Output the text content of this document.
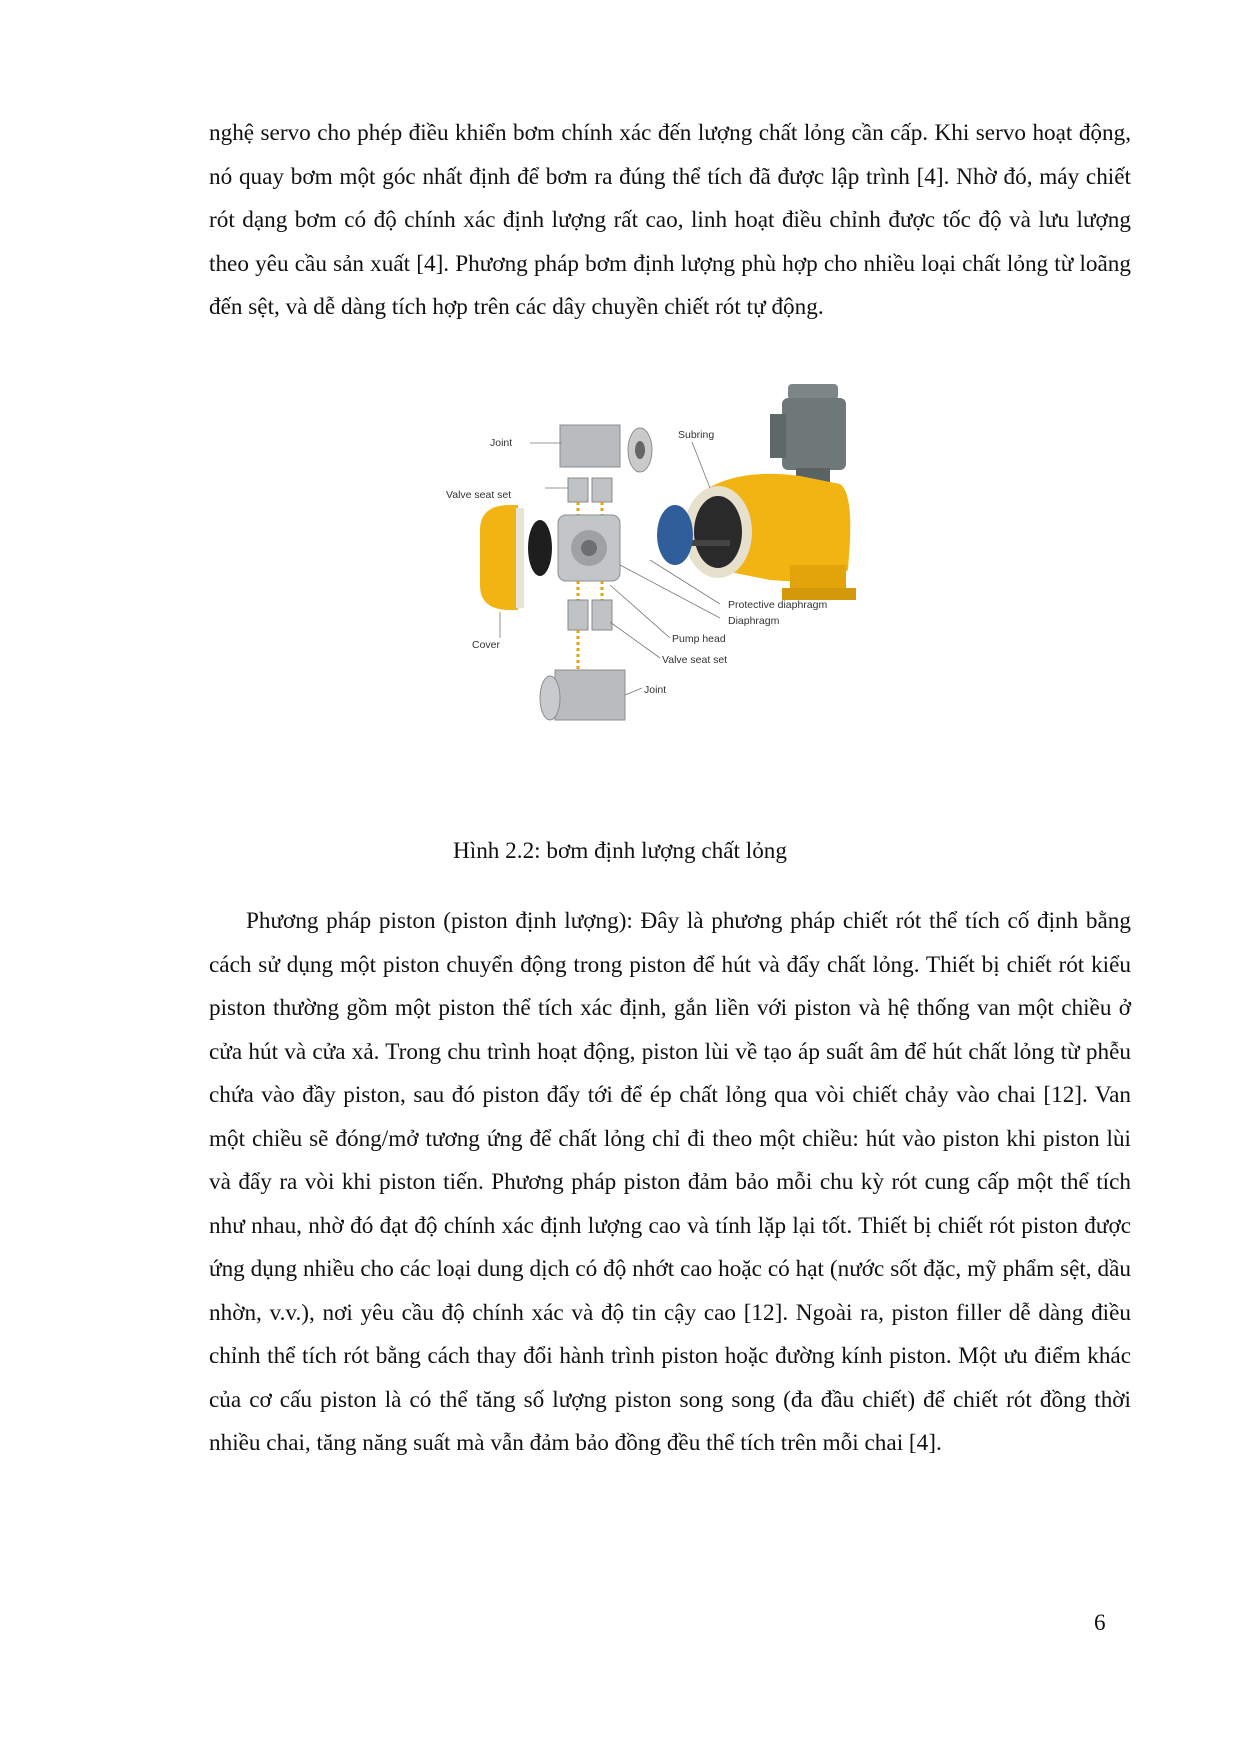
nghệ servo cho phép điều khiển bơm chính xác đến lượng chất lỏng cần cấp. Khi servo hoạt động, nó quay bơm một góc nhất định để bơm ra đúng thể tích đã được lập trình [4]. Nhờ đó, máy chiết rót dạng bơm có độ chính xác định lượng rất cao, linh hoạt điều chỉnh được tốc độ và lưu lượng theo yêu cầu sản xuất [4]. Phương pháp bơm định lượng phù hợp cho nhiều loại chất lỏng từ loãng đến sệt, và dễ dàng tích hợp trên các dây chuyền chiết rót tự động.

Joint
Valve seat set
Subring
Protective diaphragm
Diaphragm
Cover	Pump head
Valve seat set
Joint

Hình 2.2: bơm định lượng chất lỏng

Phương pháp piston (piston định lượng): Đây là phương pháp chiết rót thể tích cố định bằng cách sử dụng một piston chuyển động trong piston để hút và đẩy chất lỏng. Thiết bị chiết rót kiểu piston thường gồm một piston thể tích xác định, gắn liền với piston và hệ thống van một chiều ở cửa hút và cửa xả. Trong chu trình hoạt động, piston lùi về tạo áp suất âm để hút chất lỏng từ phễu chứa vào đầy piston, sau đó piston đẩy tới để ép chất lỏng qua vòi chiết chảy vào chai [12]. Van một chiều sẽ đóng/mở tương ứng để chất lỏng chỉ đi theo một chiều: hút vào piston khi piston lùi và đẩy ra vòi khi piston tiến. Phương pháp piston đảm bảo mỗi chu kỳ rót cung cấp một thể tích như nhau, nhờ đó đạt độ chính xác định lượng cao và tính lặp lại tốt. Thiết bị chiết rót piston được ứng dụng nhiều cho các loại dung dịch có độ nhớt cao hoặc có hạt (nước sốt đặc, mỹ phẩm sệt, dầu nhờn, v.v.), nơi yêu cầu độ chính xác và độ tin cậy cao [12]. Ngoài ra, piston filler dễ dàng điều chỉnh thể tích rót bằng cách thay đổi hành trình piston hoặc đường kính piston. Một ưu điểm khác của cơ cấu piston là có thể tăng số lượng piston song song (đa đầu chiết) để chiết rót đồng thời nhiều chai, tăng năng suất mà vẫn đảm bảo đồng đều thể tích trên mỗi chai [4].

6
